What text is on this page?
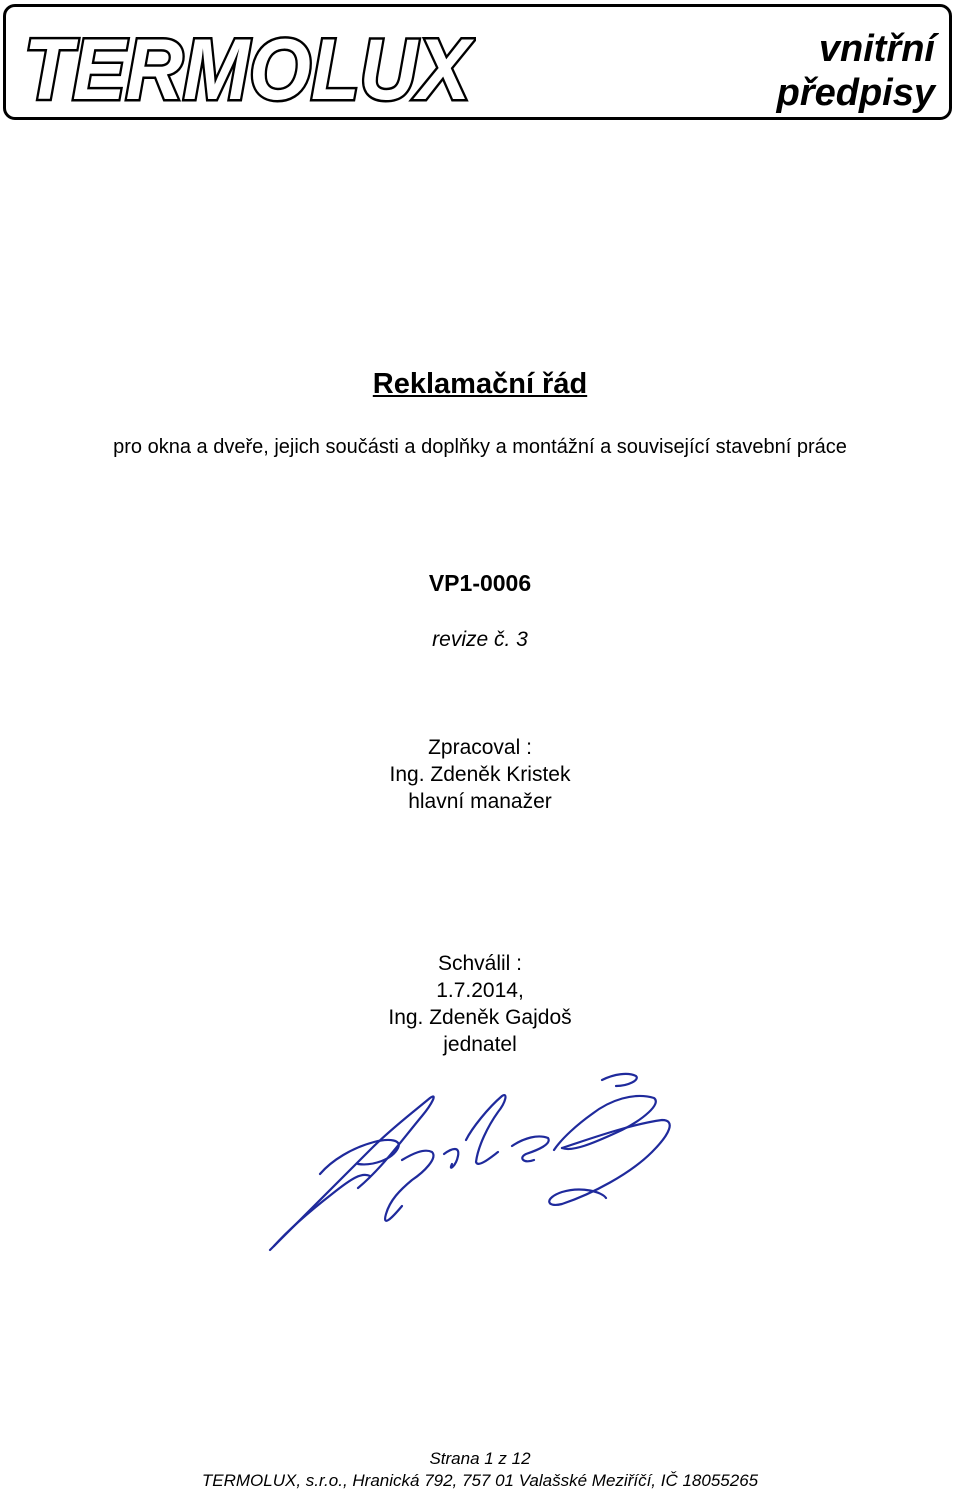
TERMOLUX	vnitřní
předpisy
Reklamační řád
pro okna a dveře, jejich součásti a doplňky a montážní a související stavební práce
VP1-0006
revize č. 3
Zpracoval :
Ing. Zdeněk Kristek
hlavní manažer
Schválil :
1.7.2014,
Ing. Zdeněk Gajdoš
jednatel
Strana 1 z 12
TERMOLUX, s.r.o., Hranická 792, 757 01 Valašské Meziříčí, IČ 18055265
